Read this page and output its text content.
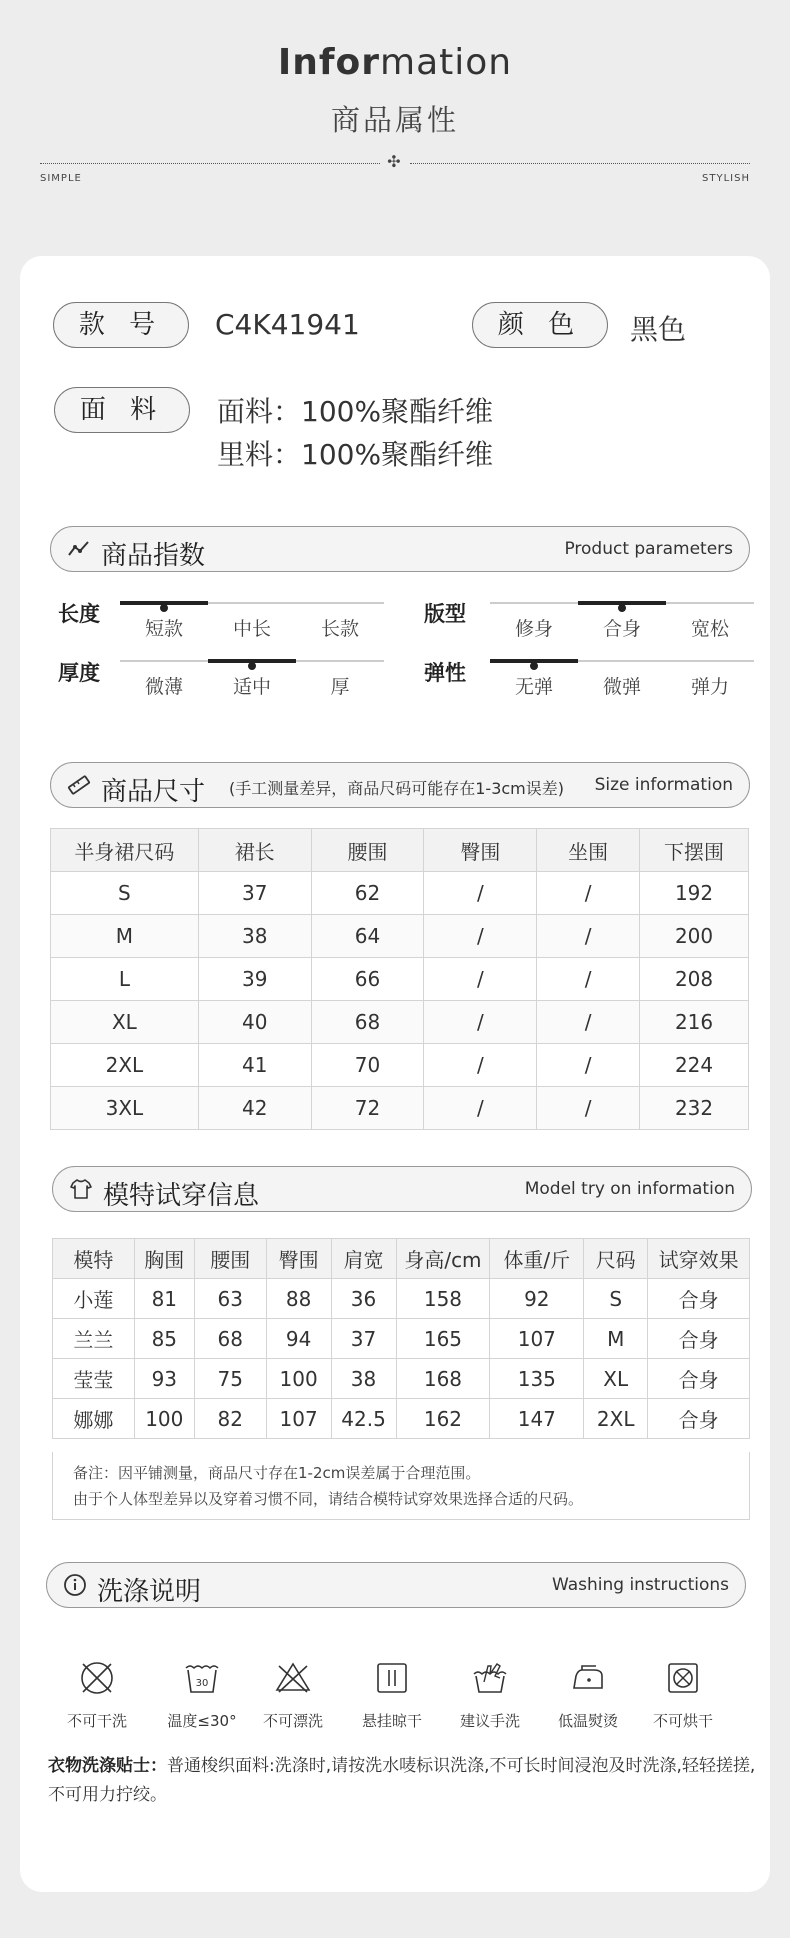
Information
商品属性
✣
SIMPLE	STYLISH
款 号	C4K41941	颜 色	黑色
面 料	面料：100%聚酯纤维
里料：100%聚酯纤维
商品指数	Product parameters
长度
短款	中长	长款
版型
修身	合身	宽松
厚度
微薄	适中	厚
弹性
无弹	微弹	弹力
商品尺寸 (手工测量差异，商品尺码可能存在1-3cm误差) Size information
半身裙尺码	裙长	腰围	臀围	坐围	下摆围
S	37	62	/	/	192
M	38	64	/	/	200
L	39	66	/	/	208
XL	40	68	/	/	216
2XL	41	70	/	/	224
3XL	42	72	/	/	232
模特试穿信息	Model try on information
模特	胸围	腰围	臀围	肩宽	身高/cm	体重/斤	尺码	试穿效果
小莲	81	63	88	36	158	92	S	合身
兰兰	85	68	94	37	165	107	M	合身
莹莹	93	75	100	38	168	135	XL	合身
娜娜	100	82	107	42.5	162	147	2XL	合身
备注：因平铺测量，商品尺寸存在1-2cm误差属于合理范围。
由于个人体型差异以及穿着习惯不同，请结合模特试穿效果选择合适的尺码。
洗涤说明	Washing instructions
不可干洗
30
温度≤30°	不可漂洗	悬挂晾干	建议手洗	低温熨烫	不可烘干
衣物洗涤贴士：普通梭织面料:洗涤时,请按洗水唛标识洗涤,不可长时间浸泡及时洗涤,轻轻搓搓,不可用力拧绞。
